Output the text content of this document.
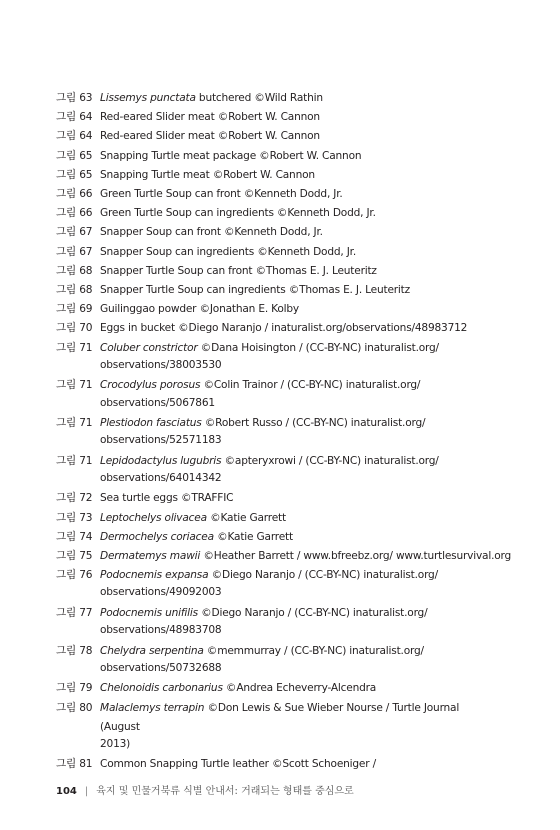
그림 63 Lissemys punctata butchered ©Wild Rathin
그림 64 Red-eared Slider meat ©Robert W. Cannon
그림 64 Red-eared Slider meat ©Robert W. Cannon
그림 65 Snapping Turtle meat package ©Robert W. Cannon
그림 65 Snapping Turtle meat ©Robert W. Cannon
그림 66 Green Turtle Soup can front ©Kenneth Dodd, Jr.
그림 66 Green Turtle Soup can ingredients ©Kenneth Dodd, Jr.
그림 67 Snapper Soup can front ©Kenneth Dodd, Jr.
그림 67 Snapper Soup can ingredients ©Kenneth Dodd, Jr.
그림 68 Snapper Turtle Soup can front ©Thomas E. J. Leuteritz
그림 68 Snapper Turtle Soup can ingredients ©Thomas E. J. Leuteritz
그림 69 Guilinggao powder ©Jonathan E. Kolby
그림 70 Eggs in bucket ©Diego Naranjo / inaturalist.org/observations/48983712
그림 71 Coluber constrictor ©Dana Hoisington / (CC-BY-NC) inaturalist.org/
observations/38003530
그림 71 Crocodylus porosus ©Colin Trainor / (CC-BY-NC) inaturalist.org/
observations/5067861
그림 71 Plestiodon fasciatus ©Robert Russo / (CC-BY-NC) inaturalist.org/
observations/52571183
그림 71 Lepidodactylus lugubris ©apteryxrowi / (CC-BY-NC) inaturalist.org/
observations/64014342
그림 72 Sea turtle eggs ©TRAFFIC
그림 73 Leptochelys olivacea ©Katie Garrett
그림 74 Dermochelys coriacea ©Katie Garrett
그림 75 Dermatemys mawii ©Heather Barrett / www.bfreebz.org/ www.turtlesurvival.org
그림 76 Podocnemis expansa ©Diego Naranjo / (CC-BY-NC) inaturalist.org/
observations/49092003
그림 77 Podocnemis unifilis ©Diego Naranjo / (CC-BY-NC) inaturalist.org/
observations/48983708
그림 78 Chelydra serpentina ©memmurray / (CC-BY-NC) inaturalist.org/
observations/50732688
그림 79 Chelonoidis carbonarius ©Andrea Echeverry-Alcendra
그림 80 Malaclemys terrapin ©Don Lewis & Sue Wieber Nourse / Turtle Journal (August
2013)
그림 81 Common Snapping Turtle leather ©Scott Schoeniger /
104 | 육지 및 민물거북류 식별 안내서: 거래되는 형태를 중심으로
